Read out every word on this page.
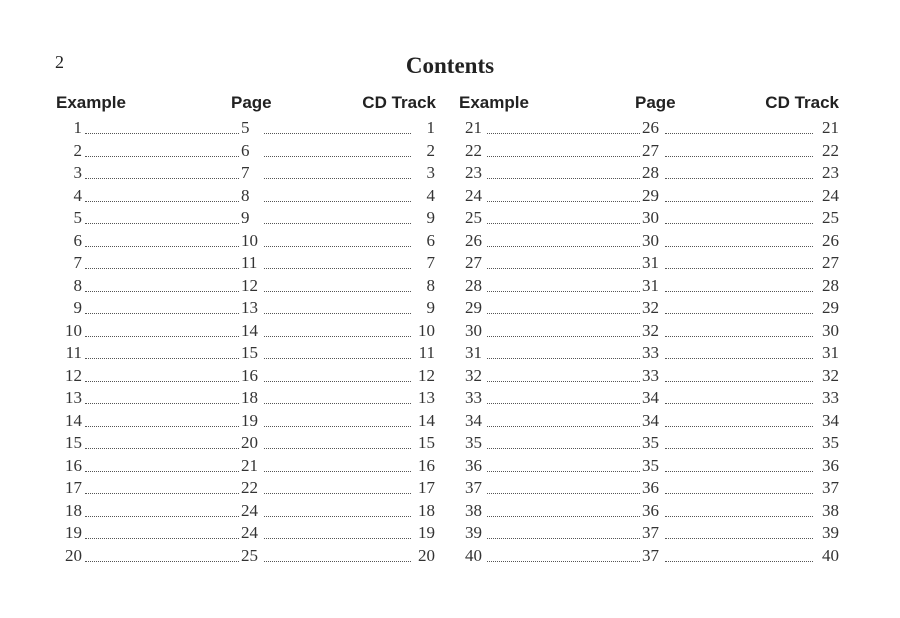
2	Contents
Example	Page	CD Track
1	5	1
2	6	2
3	7	3
4	8	4
5	9	9
6	10	6
7	11	7
8	12	8
9	13	9
10	14	10
11	15	11
12	16	12
13	18	13
14	19	14
15	20	15
16	21	16
17	22	17
18	24	18
19	24	19
20	25	20
Example	Page	CD Track
21	26	21
22	27	22
23	28	23
24	29	24
25	30	25
26	30	26
27	31	27
28	31	28
29	32	29
30	32	30
31	33	31
32	33	32
33	34	33
34	34	34
35	35	35
36	35	36
37	36	37
38	36	38
39	37	39
40	37	40
